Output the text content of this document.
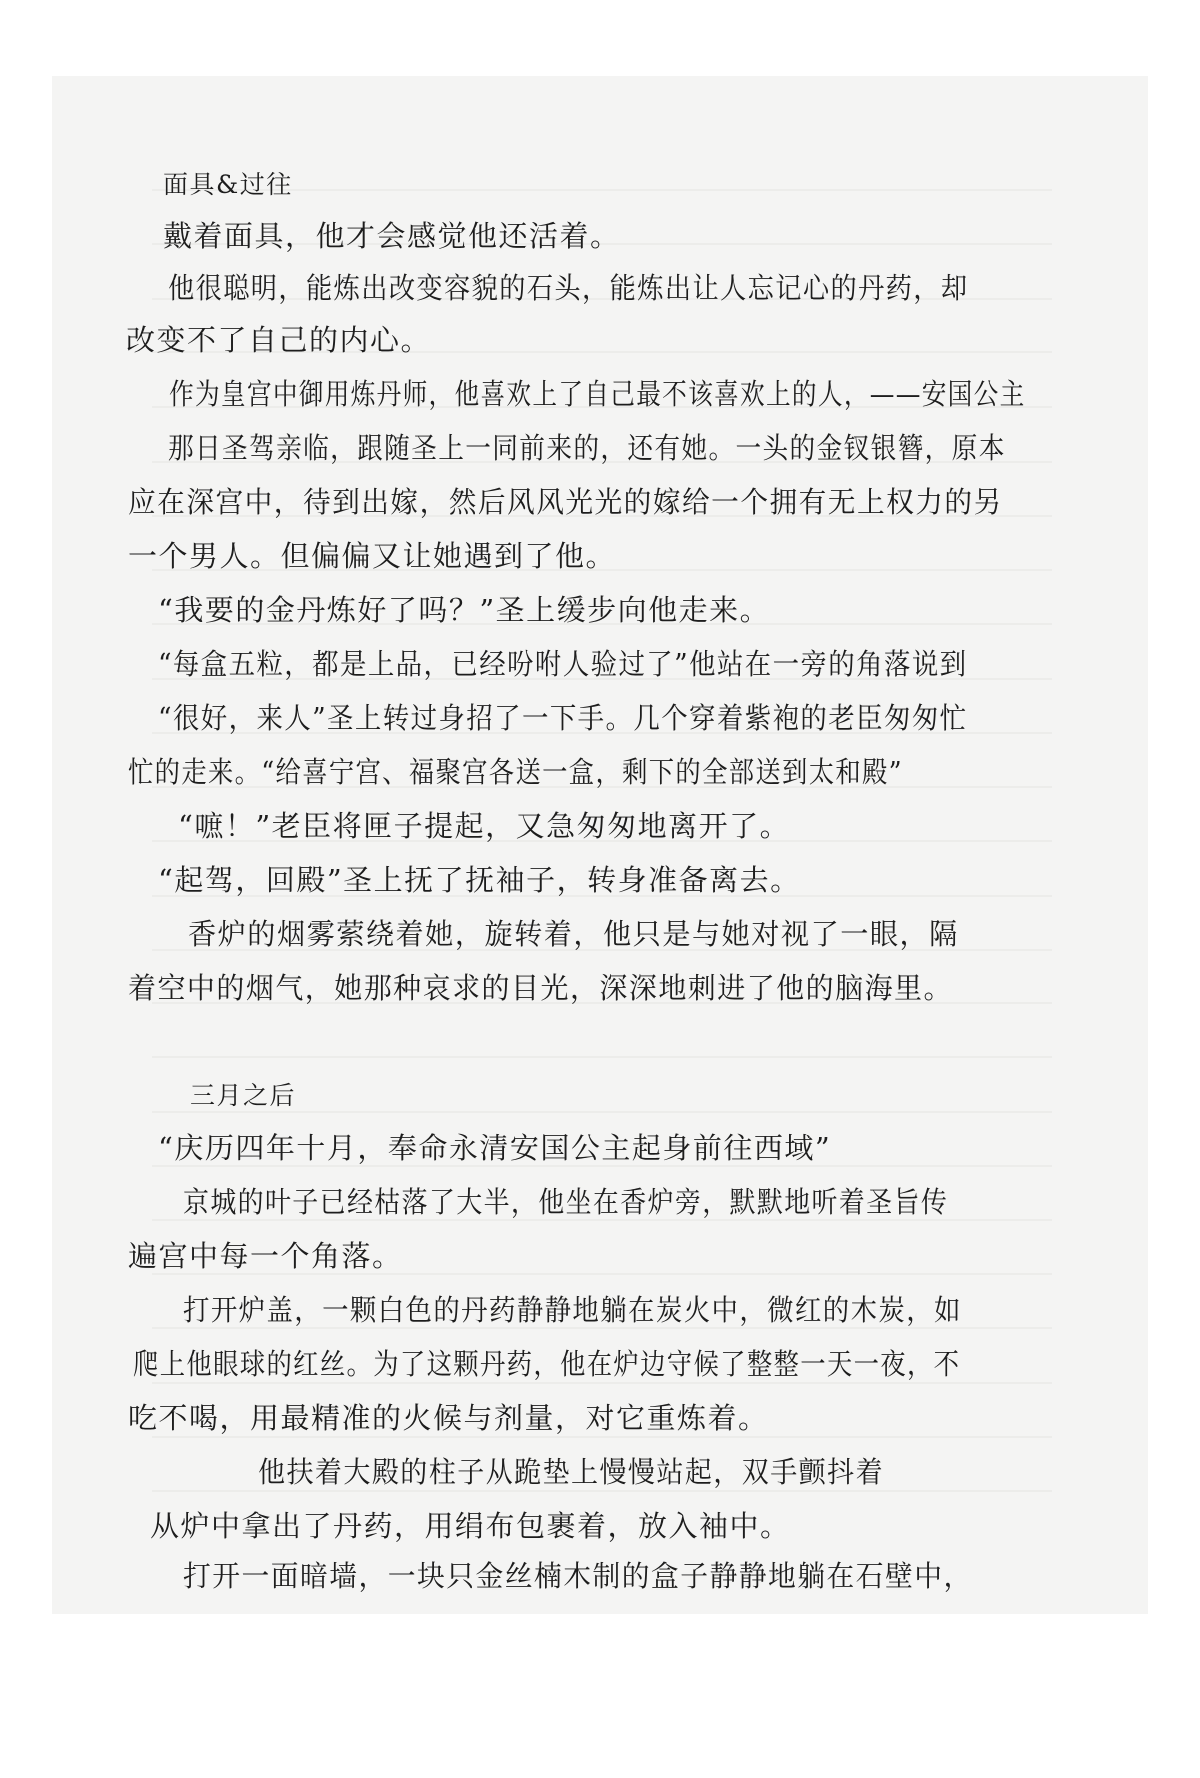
面具&过往
戴着面具，他才会感觉他还活着。
他很聪明，能炼出改变容貌的石头，能炼出让人忘记心的丹药，却
改变不了自己的内心。
作为皇宫中御用炼丹师，他喜欢上了自己最不该喜欢上的人，——安国公主
那日圣驾亲临，跟随圣上一同前来的，还有她。一头的金钗银簪，原本
应在深宫中，待到出嫁，然后风风光光的嫁给一个拥有无上权力的另
一个男人。但偏偏又让她遇到了他。
“我要的金丹炼好了吗？”圣上缓步向他走来。
“每盒五粒，都是上品，已经吩咐人验过了”他站在一旁的角落说到
“很好，来人”圣上转过身招了一下手。几个穿着紫袍的老臣匆匆忙
忙的走来。“给喜宁宫、福聚宫各送一盒，剩下的全部送到太和殿”
“嗻！”老臣将匣子提起，又急匆匆地离开了。
“起驾，回殿”圣上抚了抚袖子，转身准备离去。
香炉的烟雾萦绕着她，旋转着，他只是与她对视了一眼，隔
着空中的烟气，她那种哀求的目光，深深地刺进了他的脑海里。
三月之后
“庆历四年十月，奉命永清安国公主起身前往西域”
京城的叶子已经枯落了大半，他坐在香炉旁，默默地听着圣旨传
遍宫中每一个角落。
打开炉盖，一颗白色的丹药静静地躺在炭火中，微红的木炭，如
爬上他眼球的红丝。为了这颗丹药，他在炉边守候了整整一天一夜，不
吃不喝，用最精准的火候与剂量，对它重炼着。
他扶着大殿的柱子从跪垫上慢慢站起，双手颤抖着
从炉中拿出了丹药，用绢布包裹着，放入袖中。
打开一面暗墙，一块只金丝楠木制的盒子静静地躺在石壁中，
